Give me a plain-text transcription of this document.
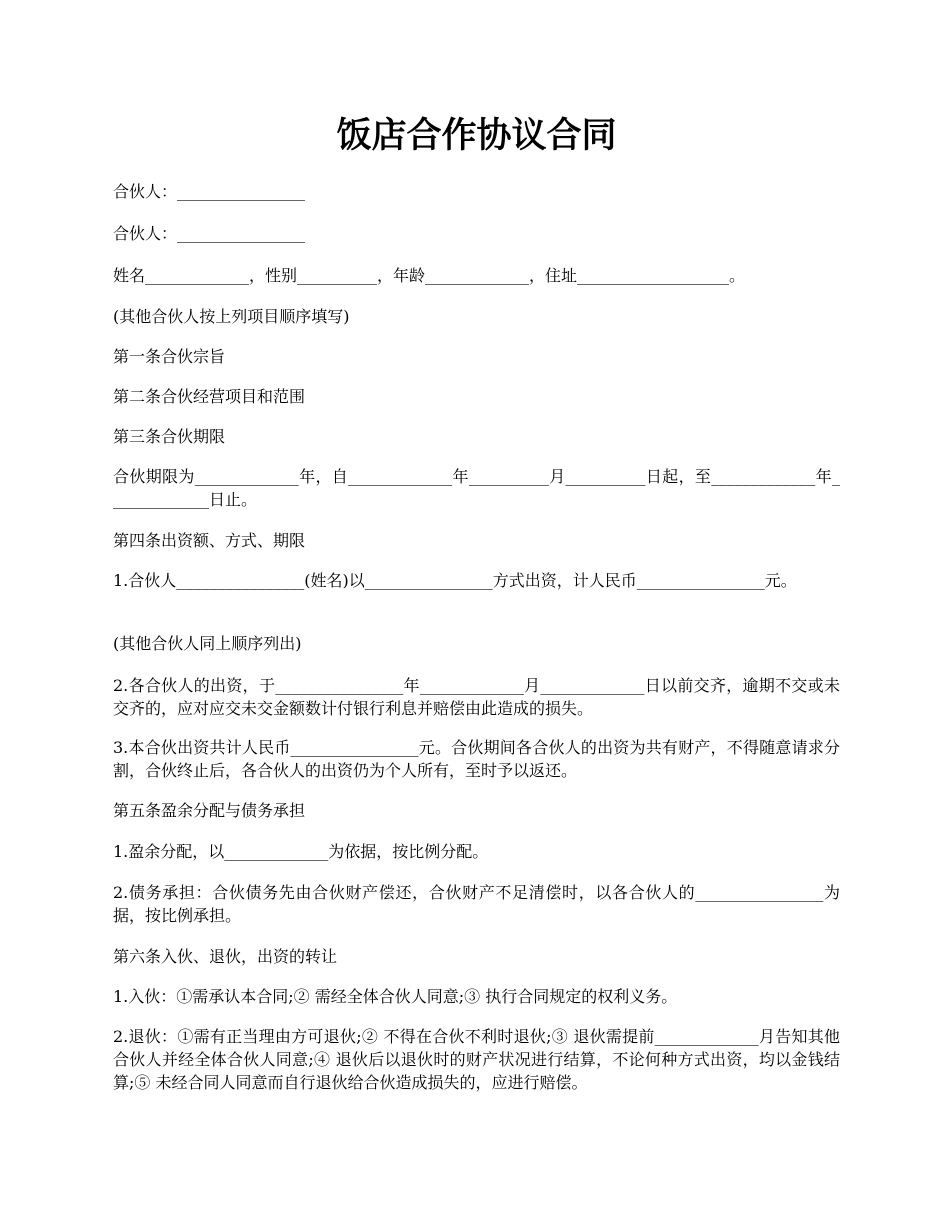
饭店合作协议合同

合伙人：________________

合伙人：________________

姓名_____________，性别__________，年龄_____________，住址___________________。

(其他合伙人按上列项目顺序填写)

第一条合伙宗旨

第二条合伙经营项目和范围

第三条合伙期限

合伙期限为_____________年，自_____________年__________月__________日起，至_____________年_____________日止。

第四条出资额、方式、期限

1.合伙人________________(姓名)以________________方式出资，计人民币________________元。

(其他合伙人同上顺序列出)

2.各合伙人的出资，于________________年_____________月_____________日以前交齐，逾期不交或未交齐的，应对应交未交金额数计付银行利息并赔偿由此造成的损失。

3.本合伙出资共计人民币________________元。合伙期间各合伙人的出资为共有财产，不得随意请求分割，合伙终止后，各合伙人的出资仍为个人所有，至时予以返还。

第五条盈余分配与债务承担

1.盈余分配，以_____________为依据，按比例分配。

2.债务承担：合伙债务先由合伙财产偿还，合伙财产不足清偿时，以各合伙人的________________为据，按比例承担。

第六条入伙、退伙，出资的转让

1.入伙：①需承认本合同;② 需经全体合伙人同意;③ 执行合同规定的权利义务。

2.退伙：①需有正当理由方可退伙;② 不得在合伙不利时退伙;③ 退伙需提前_____________月告知其他合伙人并经全体合伙人同意;④ 退伙后以退伙时的财产状况进行结算，不论何种方式出资，均以金钱结算;⑤ 未经合同人同意而自行退伙给合伙造成损失的，应进行赔偿。
